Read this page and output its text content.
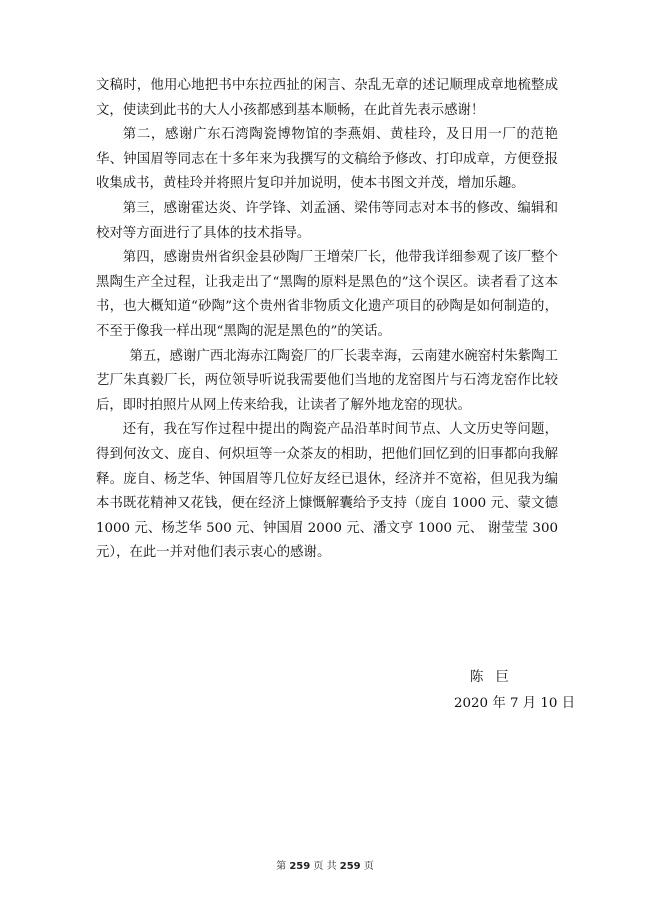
文稿时，他用心地把书中东拉西扯的闲言、杂乱无章的述记顺理成章地梳整成文，使读到此书的大人小孩都感到基本顺畅，在此首先表示感谢！

第二，感谢广东石湾陶瓷博物馆的李燕娟、黄桂玲，及日用一厂的范艳华、钟国眉等同志在十多年来为我撰写的文稿给予修改、打印成章，方便登报收集成书，黄桂玲并将照片复印并加说明，使本书图文并茂，增加乐趣。

第三，感谢霍达炎、许学锋、刘孟涵、梁伟等同志对本书的修改、编辑和校对等方面进行了具体的技术指导。

第四，感谢贵州省织金县砂陶厂王增荣厂长，他带我详细参观了该厂整个黑陶生产全过程，让我走出了“黑陶的原料是黑色的”这个误区。读者看了这本书，也大概知道“砂陶”这个贵州省非物质文化遗产项目的砂陶是如何制造的，不至于像我一样出现“黑陶的泥是黑色的”的笑话。

第五，感谢广西北海赤江陶瓷厂的厂长裴幸海，云南建水碗窑村朱紫陶工艺厂朱真毅厂长，两位领导听说我需要他们当地的龙窑图片与石湾龙窑作比较后，即时拍照片从网上传来给我，让读者了解外地龙窑的现状。

还有，我在写作过程中提出的陶瓷产品沿革时间节点、人文历史等问题，得到何汝文、庞自、何炽垣等一众茶友的相助，把他们回忆到的旧事都向我解释。庞自、杨芝华、钟国眉等几位好友经已退休，经济并不宽裕，但见我为编本书既花精神又花钱，便在经济上慷慨解囊给予支持（庞自 1000 元、蒙文德 1000 元、杨芝华 500 元、钟国眉 2000 元、潘文亨 1000 元、 谢莹莹 300 元），在此一并对他们表示衷心的感谢。

陈巨
2020 年 7 月 10 日
第 259 页 共 259 页
